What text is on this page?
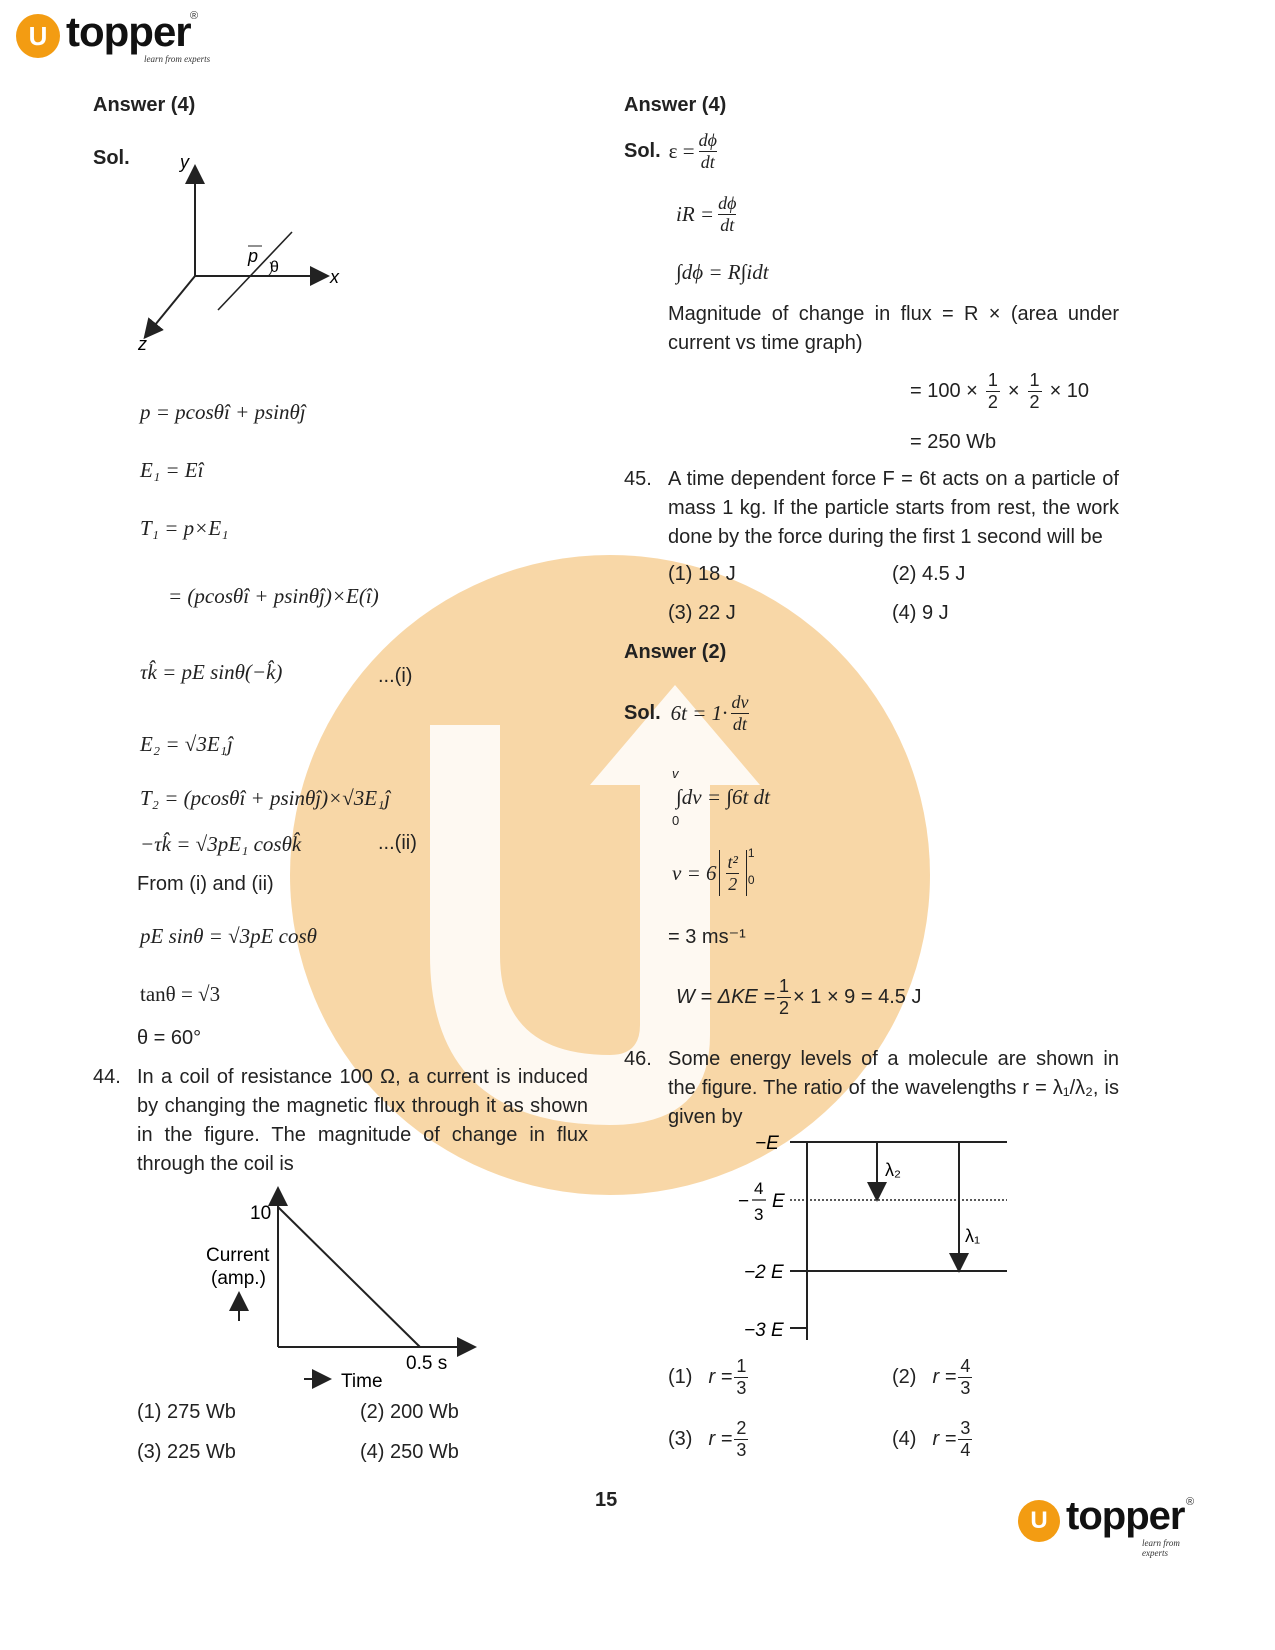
U topper ®
learn from experts
Answer (4)
Sol.	y
x
z
p
θ
p = pcosθî + psinθĵ
E₁ = Eî
T₁ = p×E₁
= (pcosθî + psinθĵ)×E(î)
τk̂ = pE sinθ(−k̂)	...(i)
E₂ = √3E₁ĵ
T₂ = (pcosθî + psinθĵ)×√3E₁ĵ
−τk̂ = √3pE₁ cosθk̂	...(ii)
From (i) and (ii)
pE sinθ = √3pE cosθ
tanθ = √3
θ = 60°
44. In a coil of resistance 100 Ω, a current is induced by changing the magnetic flux through it as shown in the figure. The magnitude of change in flux through the coil is
10
Current
(amp.)
0.5 s
Time
(1) 275 Wb	(2) 200 Wb
(3) 225 Wb	(4) 250 Wb
Answer (4)
Sol. $\varepsilon = \frac{d\phi}{dt}$
iR = $\frac{d\phi}{dt}$
∫dϕ = R∫idt
Magnitude of change in flux = R × (area under current vs time graph)
= $100 \times \frac{1}{2} \times \frac{1}{2} \times 10$
= 250 Wb
45. A time dependent force F = 6t acts on a particle of mass 1 kg. If the particle starts from rest, the work done by the force during the first 1 second will be
(1) 18 J	(2) 4.5 J
(3) 22 J	(4) 9 J
Answer (2)
Sol. $6t = 1\cdot \frac{dv}{dt}$
∫dv = ∫6t dt
v
0
$v = 6 \frac{\text{t²}}{2} 1$
0
= 3 ms⁻¹
$W = \Delta KE = \frac{1}{2} \times 1 \times 9 = 4.5$ J
46. Some energy levels of a molecule are shown in the figure. The ratio of the wavelengths r = λ₁/λ₂, is given by
−E
−
4
3
E
−2 E
−3 E
λ₂
λ₁
(1) $r = \frac{1}{3}$	(2) $r = \frac{4}{3}$
(3) $r = \frac{2}{3}$	(4) $r = \frac{3}{4}$
15
U topper ®
learn from experts
